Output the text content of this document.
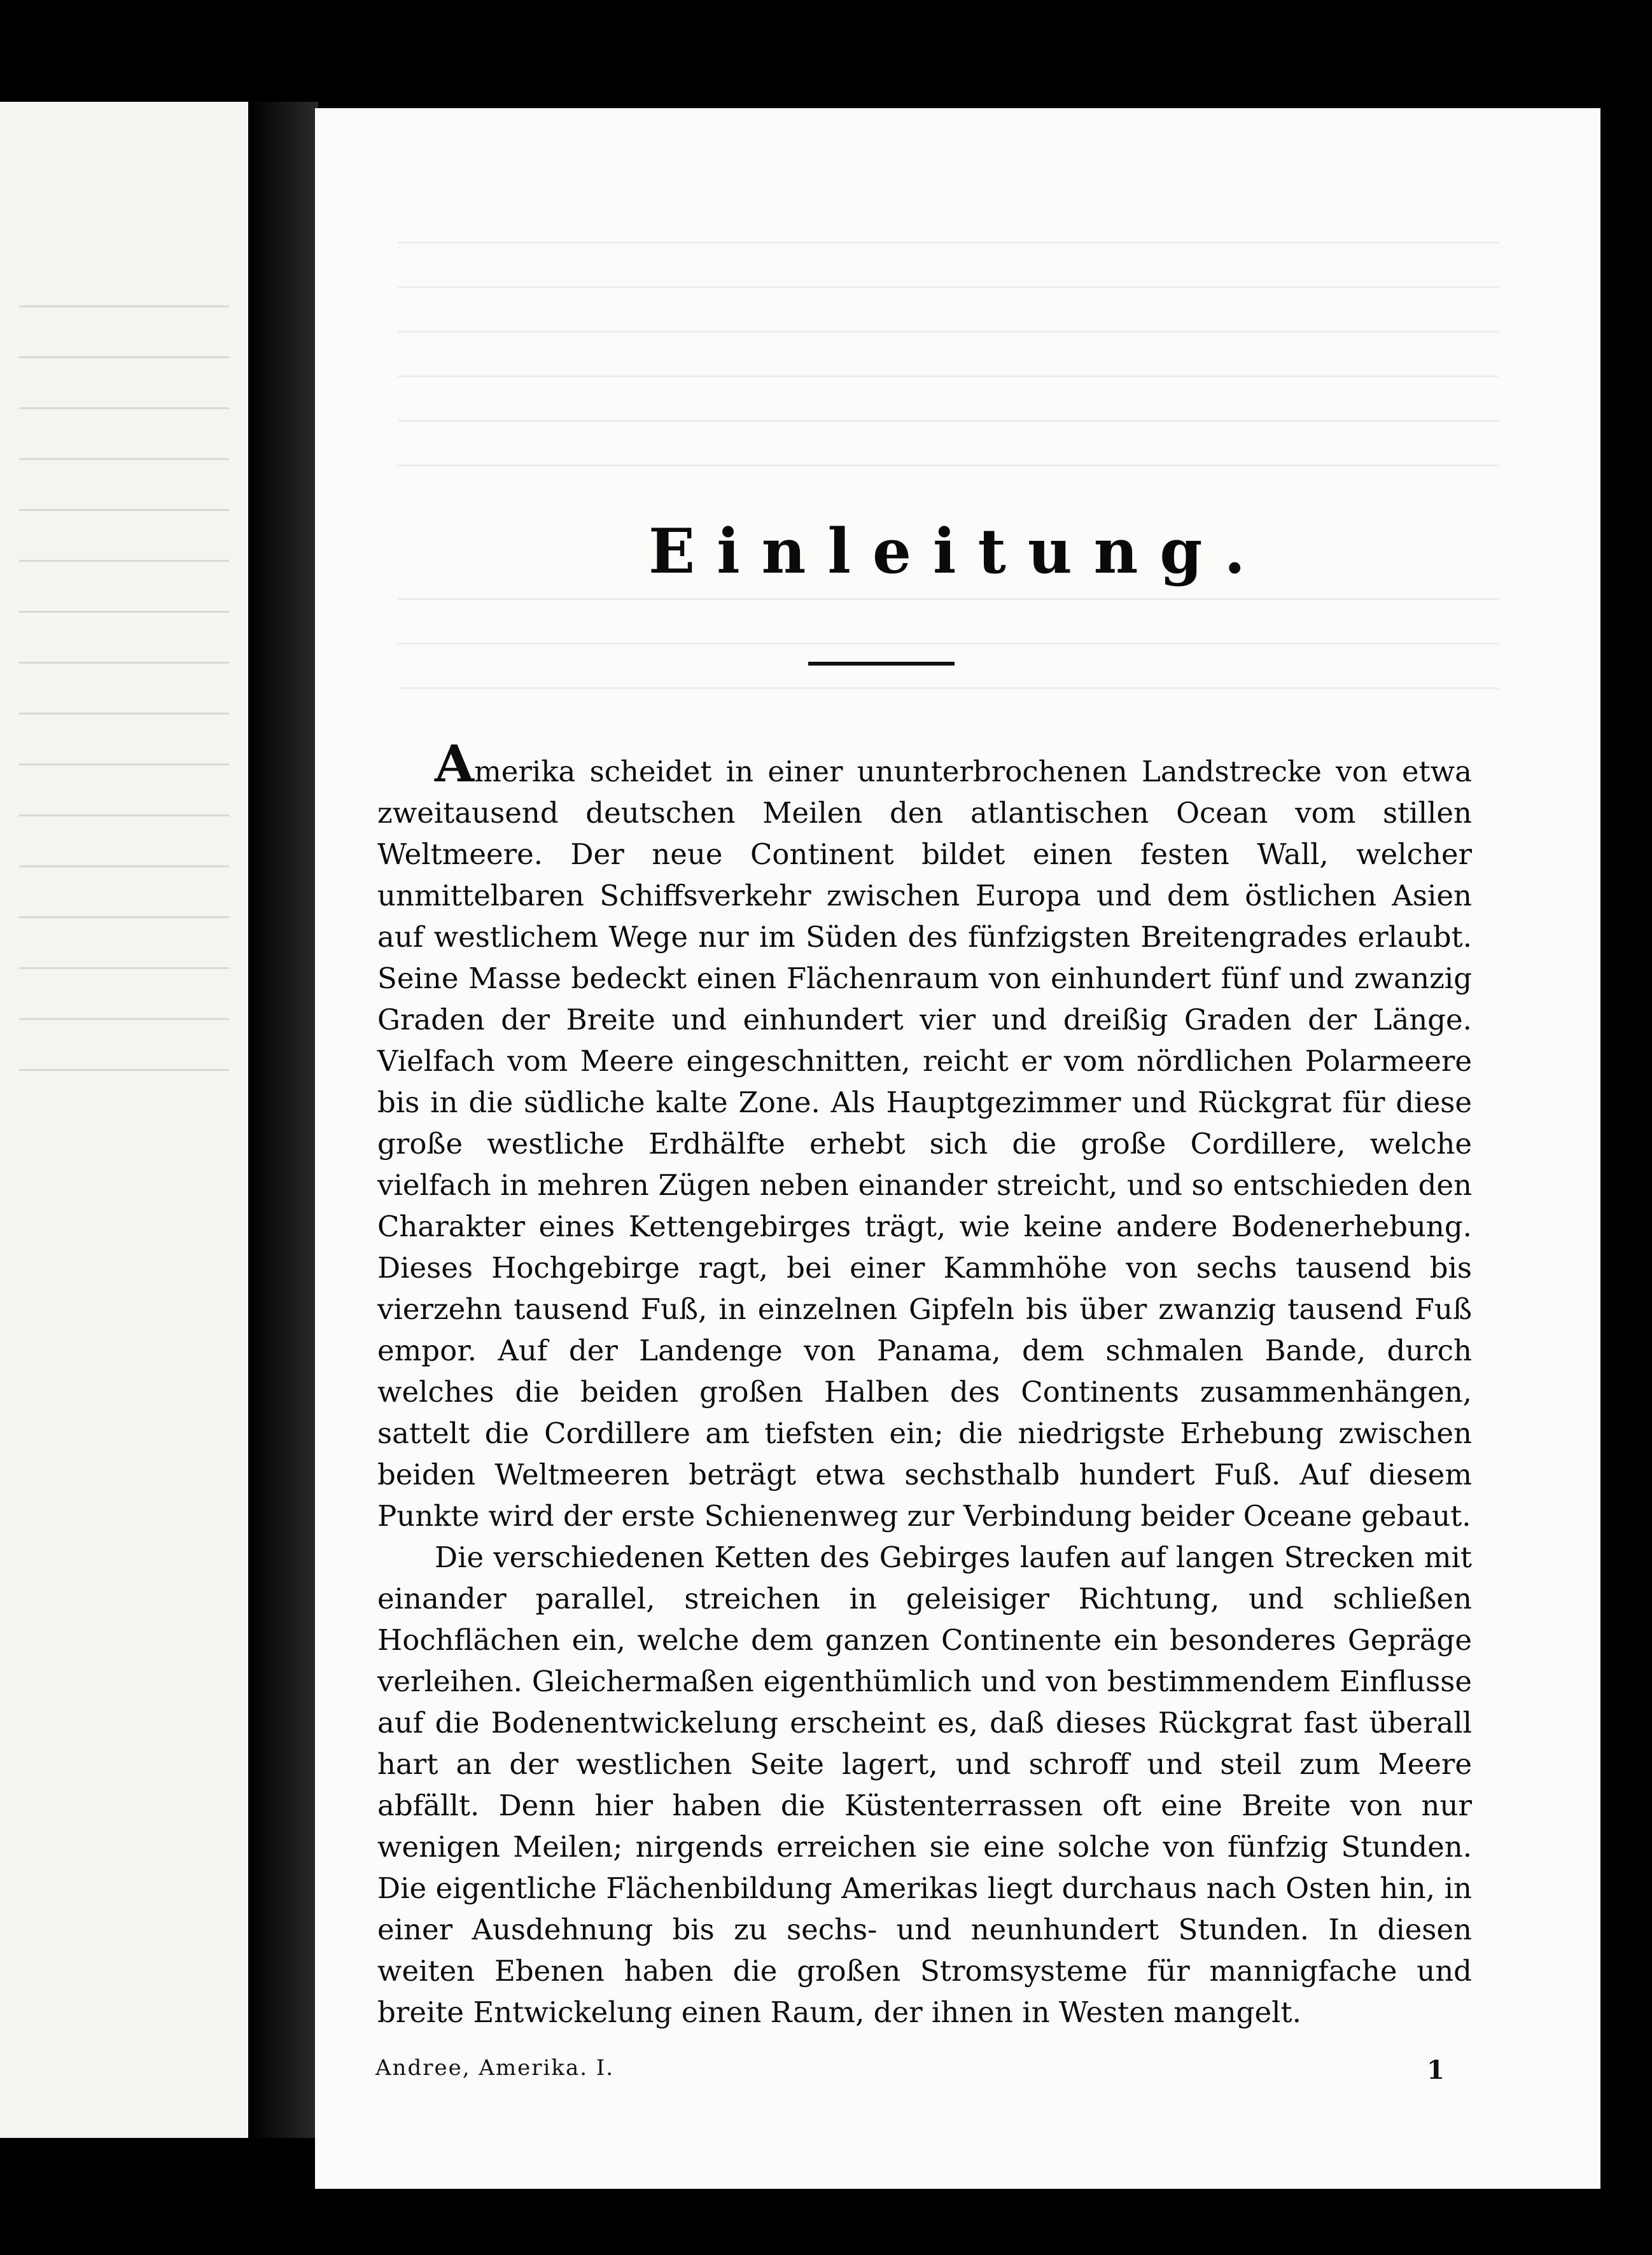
Einleitung.

Amerika scheidet in einer ununterbrochenen Landstrecke von etwa zweitausend deutschen Meilen den atlantischen Ocean vom stillen Weltmeere. Der neue Continent bildet einen festen Wall, welcher unmittelbaren Schiffsverkehr zwischen Europa und dem östlichen Asien auf westlichem Wege nur im Süden des fünfzigsten Breitengrades erlaubt. Seine Masse bedeckt einen Flächenraum von einhundert fünf und zwanzig Graden der Breite und einhundert vier und dreißig Graden der Länge. Vielfach vom Meere eingeschnitten, reicht er vom nördlichen Polarmeere bis in die südliche kalte Zone. Als Hauptgezimmer und Rückgrat für diese große westliche Erdhälfte erhebt sich die große Cordillere, welche vielfach in mehren Zügen neben einander streicht, und so entschieden den Charakter eines Kettengebirges trägt, wie keine andere Bodenerhebung. Dieses Hochgebirge ragt, bei einer Kammhöhe von sechs tausend bis vierzehn tausend Fuß, in einzelnen Gipfeln bis über zwanzig tausend Fuß empor. Auf der Landenge von Panama, dem schmalen Bande, durch welches die beiden großen Halben des Continents zusammenhängen, sattelt die Cordillere am tiefsten ein; die niedrigste Erhebung zwischen beiden Weltmeeren beträgt etwa sechsthalb hundert Fuß. Auf diesem Punkte wird der erste Schienenweg zur Verbindung beider Oceane gebaut.

Die verschiedenen Ketten des Gebirges laufen auf langen Strecken mit einander parallel, streichen in geleisiger Richtung, und schließen Hochflächen ein, welche dem ganzen Continente ein besonderes Gepräge verleihen. Gleichermaßen eigenthümlich und von bestimmendem Einflusse auf die Bodenentwickelung erscheint es, daß dieses Rückgrat fast überall hart an der westlichen Seite lagert, und schroff und steil zum Meere abfällt. Denn hier haben die Küstenterrassen oft eine Breite von nur wenigen Meilen; nirgends erreichen sie eine solche von fünfzig Stunden. Die eigentliche Flächenbildung Amerikas liegt durchaus nach Osten hin, in einer Ausdehnung bis zu sechs- und neunhundert Stunden. In diesen weiten Ebenen haben die großen Stromsysteme für mannigfache und breite Entwickelung einen Raum, der ihnen in Westen mangelt.

Andree, Amerika. I.	1
